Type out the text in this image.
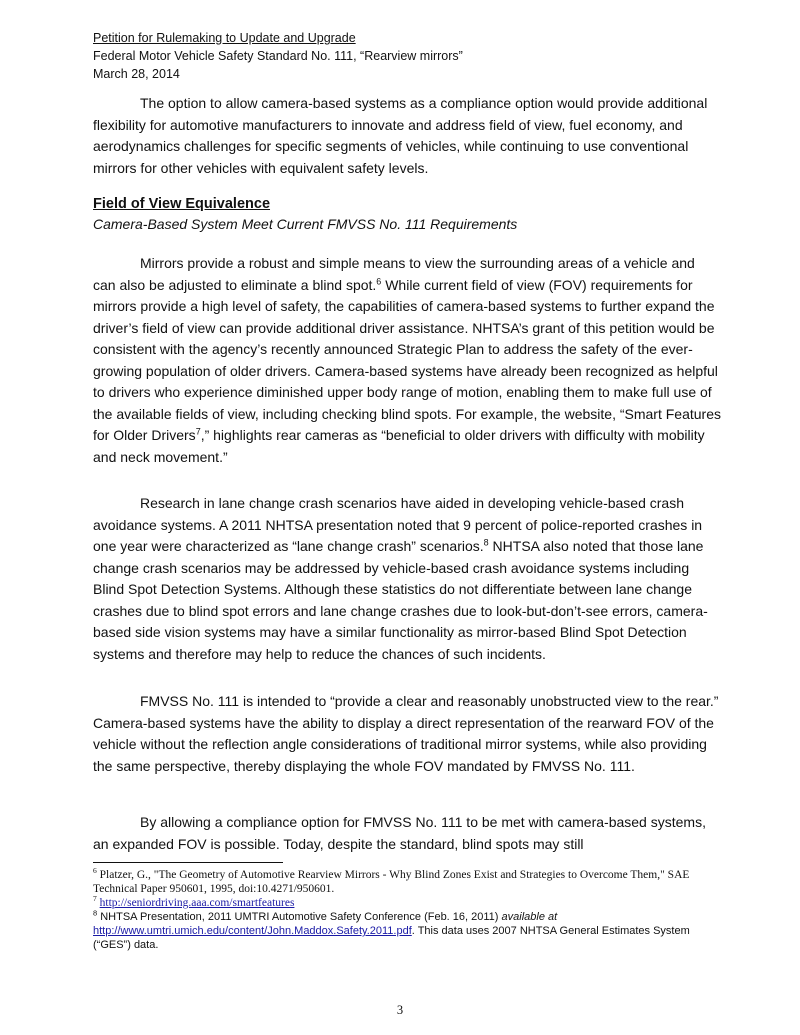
Petition for Rulemaking to Update and Upgrade
Federal Motor Vehicle Safety Standard No. 111, “Rearview mirrors”
March 28, 2014

The option to allow camera-based systems as a compliance option would provide additional flexibility for automotive manufacturers to innovate and address field of view, fuel economy, and aerodynamics challenges for specific segments of vehicles, while continuing to use conventional mirrors for other vehicles with equivalent safety levels.

Field of View Equivalence
Camera-Based System Meet Current FMVSS No. 111 Requirements

Mirrors provide a robust and simple means to view the surrounding areas of a vehicle and can also be adjusted to eliminate a blind spot.$^6$ While current field of view (FOV) requirements for mirrors provide a high level of safety, the capabilities of camera-based systems to further expand the driver’s field of view can provide additional driver assistance. NHTSA’s grant of this petition would be consistent with the agency’s recently announced Strategic Plan to address the safety of the ever-growing population of older drivers. Camera-based systems have already been recognized as helpful to drivers who experience diminished upper body range of motion, enabling them to make full use of the available fields of view, including checking blind spots. For example, the website, “Smart Features for Older Drivers$^7$,” highlights rear cameras as “beneficial to older drivers with difficulty with mobility and neck movement.”

Research in lane change crash scenarios have aided in developing vehicle-based crash avoidance systems. A 2011 NHTSA presentation noted that 9 percent of police-reported crashes in one year were characterized as “lane change crash” scenarios.$^8$ NHTSA also noted that those lane change crash scenarios may be addressed by vehicle-based crash avoidance systems including Blind Spot Detection Systems. Although these statistics do not differentiate between lane change crashes due to blind spot errors and lane change crashes due to look-but-don’t-see errors, camera-based side vision systems may have a similar functionality as mirror-based Blind Spot Detection systems and therefore may help to reduce the chances of such incidents.

FMVSS No. 111 is intended to “provide a clear and reasonably unobstructed view to the rear.” Camera-based systems have the ability to display a direct representation of the rearward FOV of the vehicle without the reflection angle considerations of traditional mirror systems, while also providing the same perspective, thereby displaying the whole FOV mandated by FMVSS No. 111.

By allowing a compliance option for FMVSS No. 111 to be met with camera-based systems, an expanded FOV is possible. Today, despite the standard, blind spots may still

$^6$ Platzer, G., "The Geometry of Automotive Rearview Mirrors - Why Blind Zones Exist and Strategies to Overcome Them," SAE Technical Paper 950601, 1995, doi:10.4271/950601.

$^7$ http://seniordriving.aaa.com/smartfeatures

$^8$ NHTSA Presentation, 2011 UMTRI Automotive Safety Conference (Feb. 16, 2011) available at
http://www.umtri.umich.edu/content/John.Maddox.Safety.2011.pdf. This data uses 2007 NHTSA General Estimates System (“GES”) data.

3
